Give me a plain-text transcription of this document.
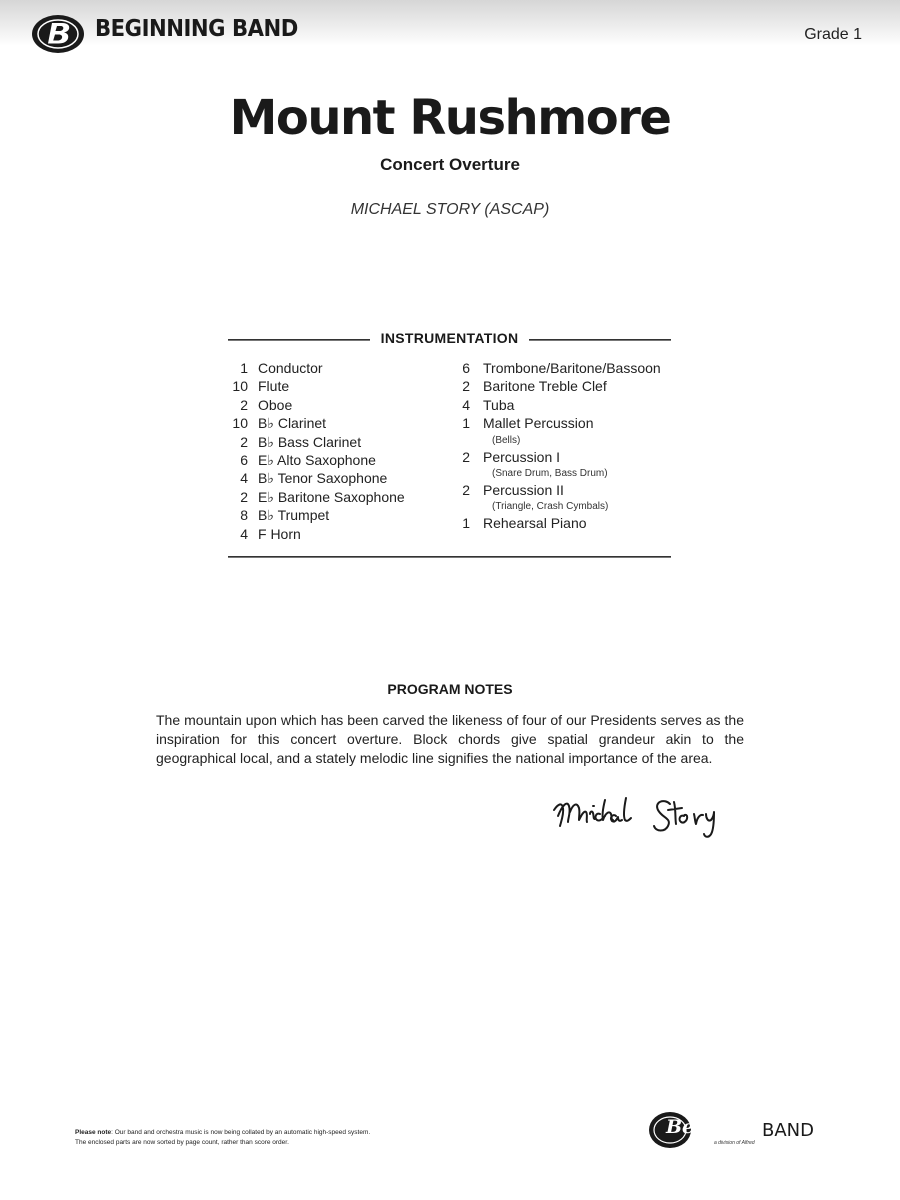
BEGINNING BAND	Grade 1
Mount Rushmore
Concert Overture
MICHAEL STORY (ASCAP)
INSTRUMENTATION
1 Conductor
10 Flute
2 Oboe
10 B♭ Clarinet
2 B♭ Bass Clarinet
6 E♭ Alto Saxophone
4 B♭ Tenor Saxophone
2 E♭ Baritone Saxophone
8 B♭ Trumpet
4 F Horn
6 Trombone/Baritone/Bassoon
2 Baritone Treble Clef
4 Tuba
1 Mallet Percussion
(Bells)
2 Percussion I
(Snare Drum, Bass Drum)
2 Percussion II
(Triangle, Crash Cymbals)
1 Rehearsal Piano
PROGRAM NOTES
The mountain upon which has been carved the likeness of four of our Presidents serves as the inspiration for this concert overture. Block chords give spatial grandeur akin to the geographical local, and a stately melodic line signifies the national importance of the area.
Please note: Our band and orchestra music is now being collated by an automatic high-speed system.
The enclosed parts are now sorted by page count, rather than score order.
Belwin BAND
a division of Alfred
